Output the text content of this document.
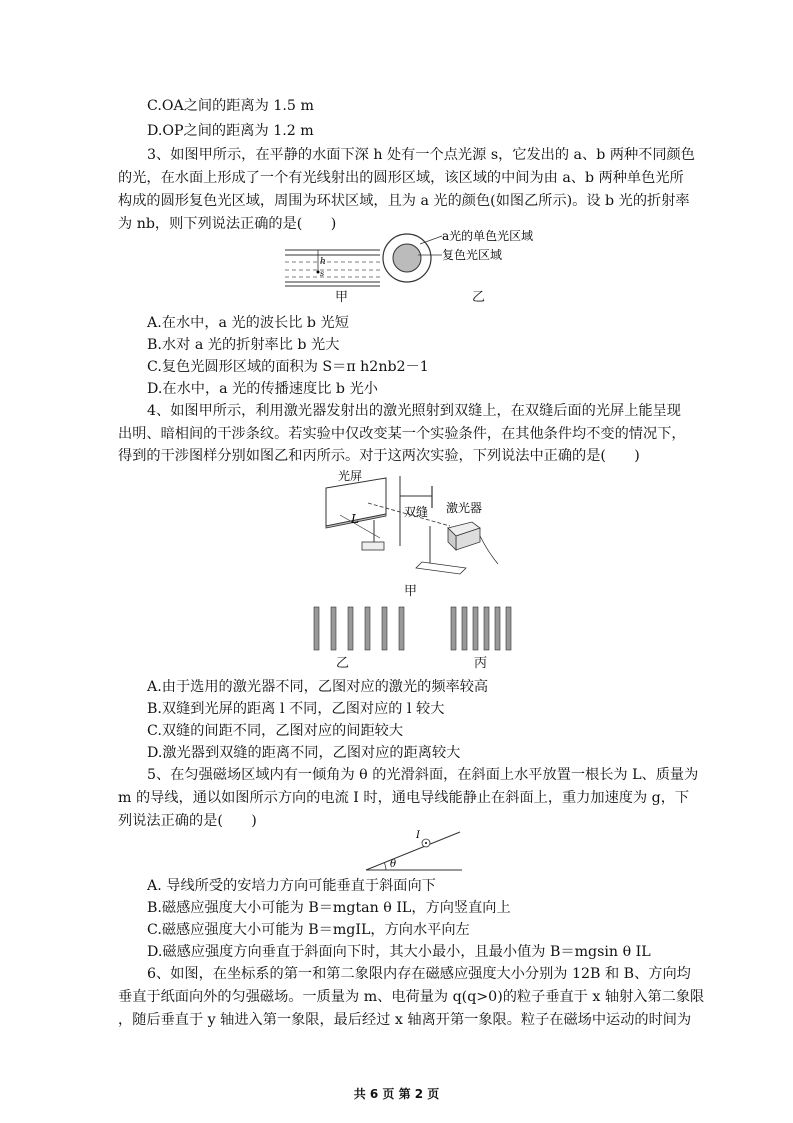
C.OA之间的距离为 1.5 m
D.OP之间的距离为 1.2 m
3、如图甲所示，在平静的水面下深 h 处有一个点光源 s，它发出的 a、b 两种不同颜色
的光，在水面上形成了一个有光线射出的圆形区域，该区域的中间为由 a、b 两种单色光所
构成的圆形复色光区域，周围为环状区域，且为 a 光的颜色(如图乙所示)。设 b 光的折射率
为 nb，则下列说法正确的是(　　)
h
s
甲
a光的单色光区域
复色光区域
乙
A.在水中，a 光的波长比 b 光短
B.水对 a 光的折射率比 b 光大
C.复色光圆形区域的面积为 S＝π h2nb2－1
D.在水中，a 光的传播速度比 b 光小
4、如图甲所示，利用激光器发射出的激光照射到双缝上，在双缝后面的光屏上能呈现
出明、暗相间的干涉条纹。若实验中仅改变某一个实验条件，在其他条件均不变的情况下，
得到的干涉图样分别如图乙和丙所示。对于这两次实验，下列说法中正确的是(　　)
光屏
L	双缝 激光器
甲
乙	丙
A.由于选用的激光器不同，乙图对应的激光的频率较高
B.双缝到光屏的距离 l 不同，乙图对应的 l 较大
C.双缝的间距不同，乙图对应的间距较大
D.激光器到双缝的距离不同，乙图对应的距离较大
5、在匀强磁场区域内有一倾角为 θ 的光滑斜面，在斜面上水平放置一根长为 L、质量为
m 的导线，通以如图所示方向的电流 I 时，通电导线能静止在斜面上，重力加速度为 g，下
列说法正确的是(　　)
θ
I
A. 导线所受的安培力方向可能垂直于斜面向下
B.磁感应强度大小可能为 B＝mgtan θ IL，方向竖直向上
C.磁感应强度大小可能为 B＝mgIL，方向水平向左
D.磁感应强度方向垂直于斜面向下时，其大小最小，且最小值为 B＝mgsin θ IL
6、如图，在坐标系的第一和第二象限内存在磁感应强度大小分别为 12B 和 B、方向均
垂直于纸面向外的匀强磁场。一质量为 m、电荷量为 q(q>0)的粒子垂直于 x 轴射入第二象限
，随后垂直于 y 轴进入第一象限，最后经过 x 轴离开第一象限。粒子在磁场中运动的时间为
共 6 页 第 2 页
